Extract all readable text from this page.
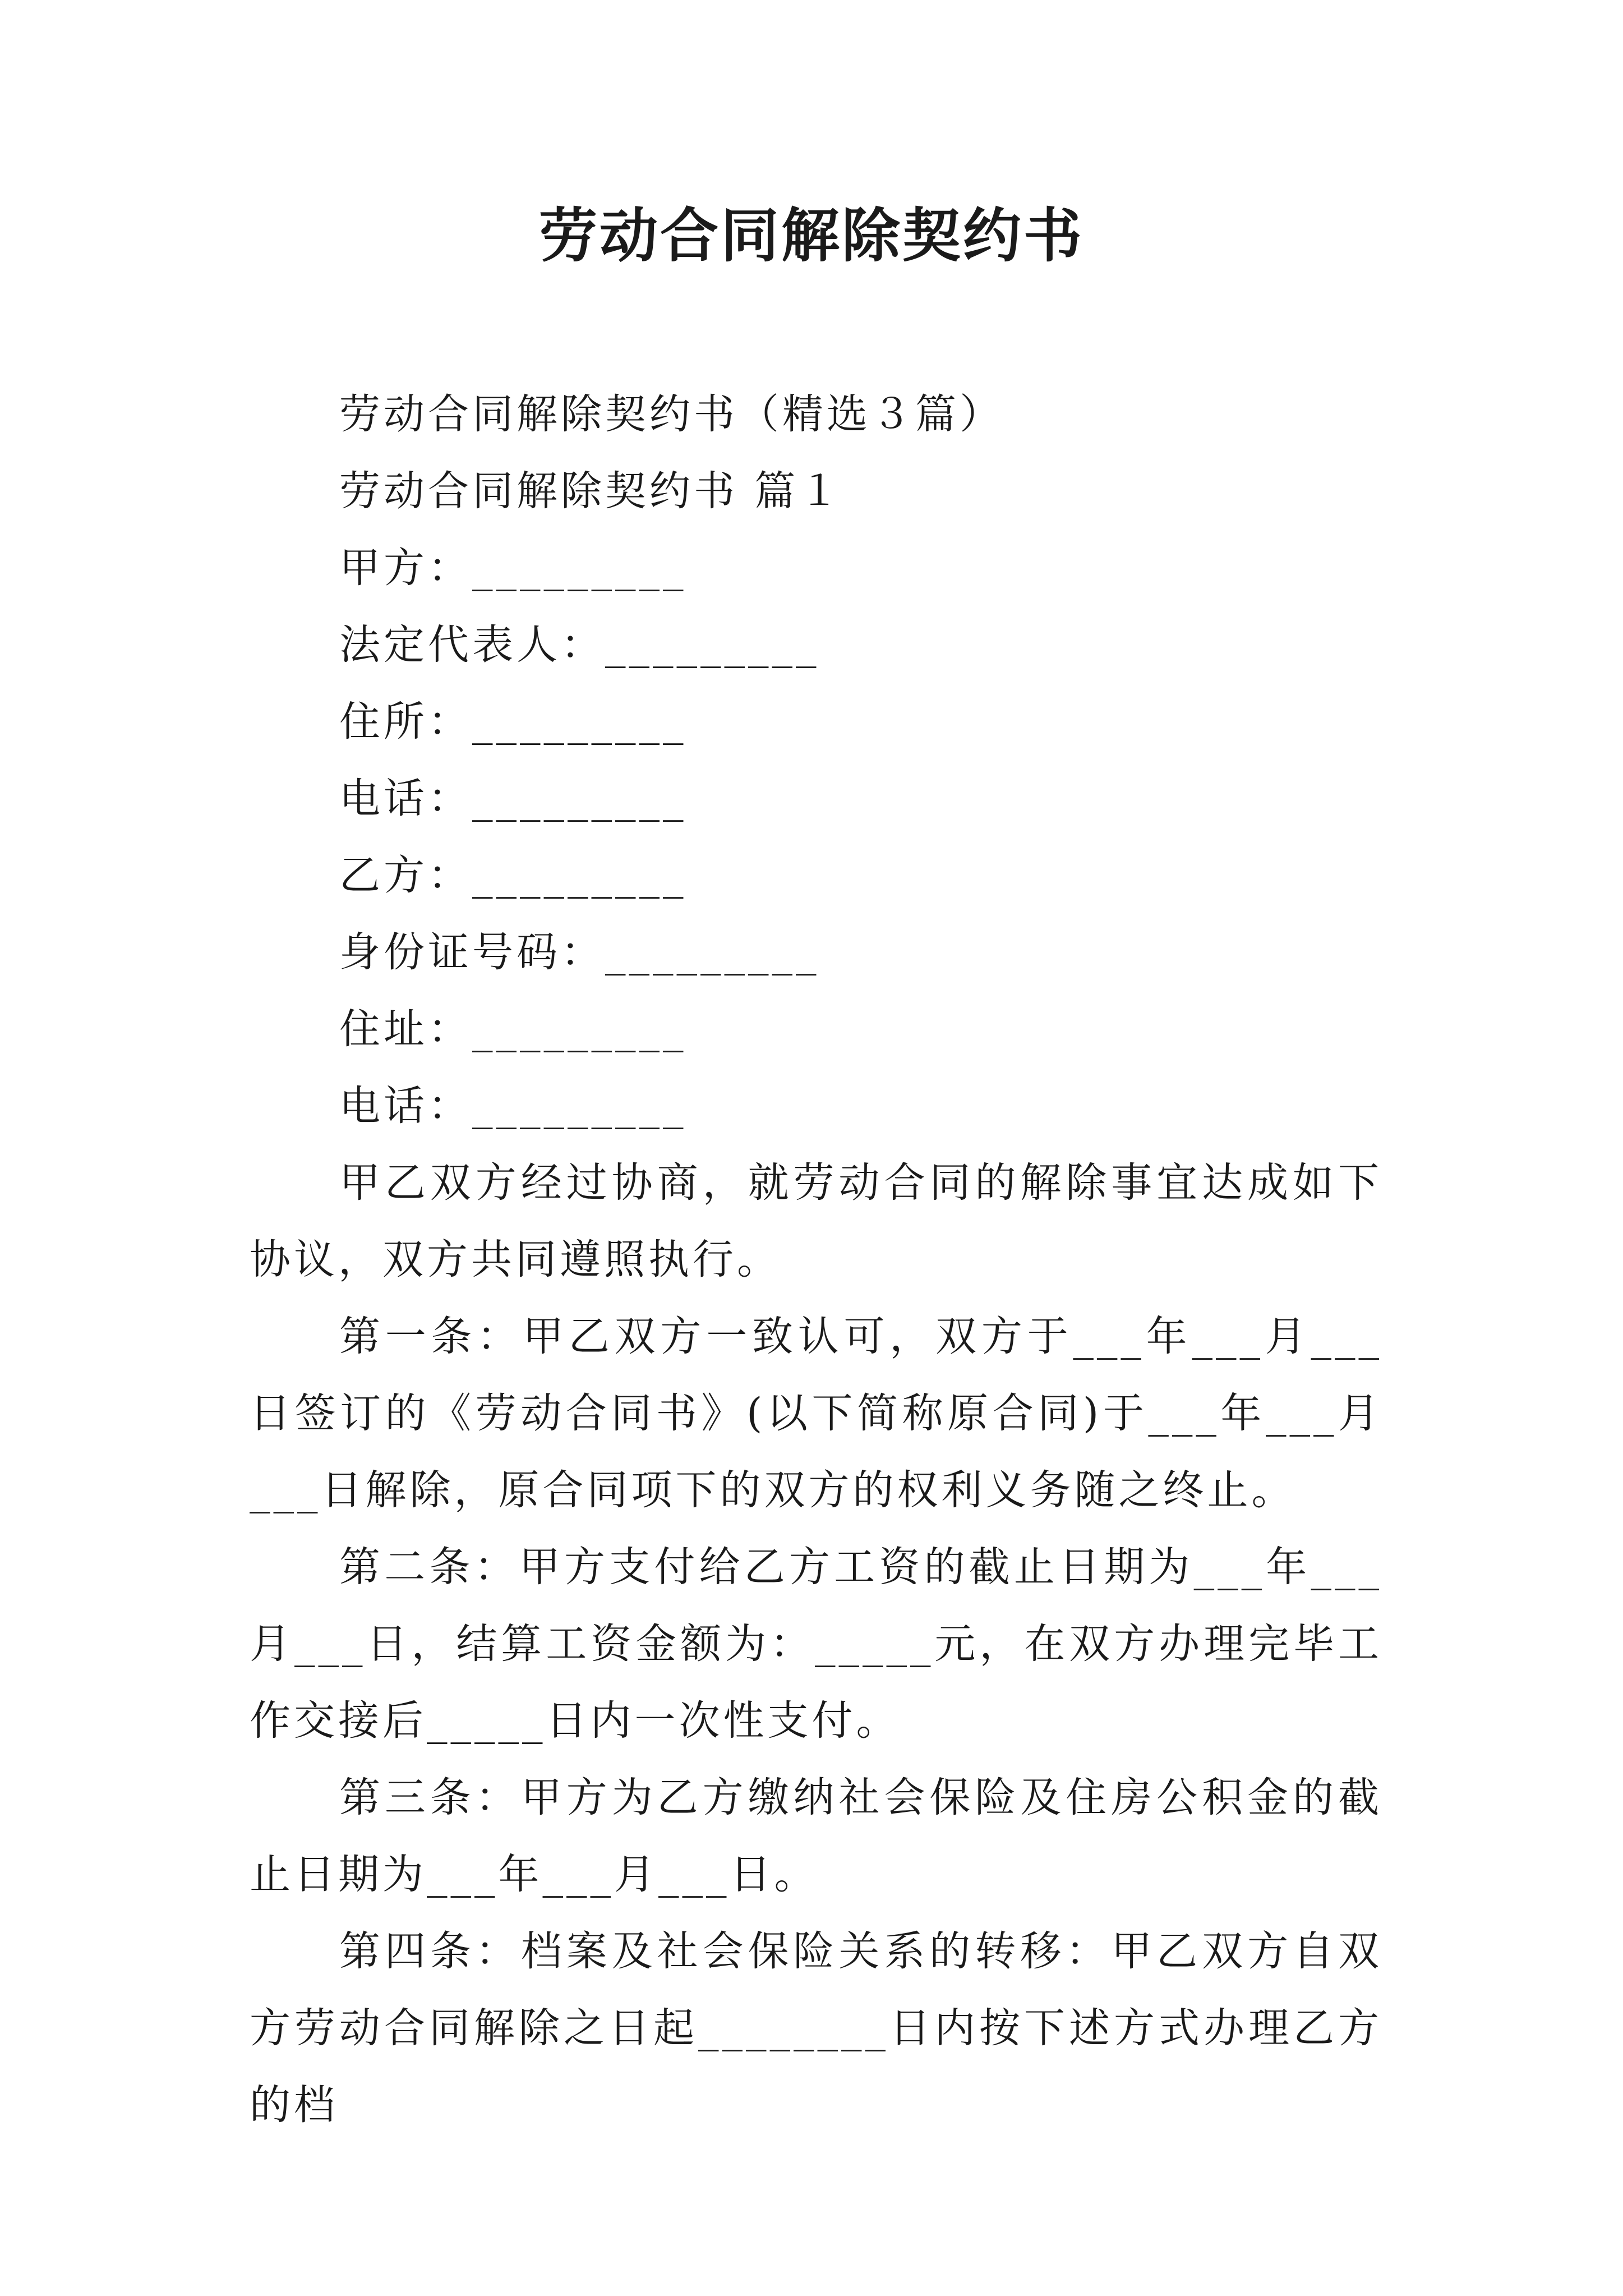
劳动合同解除契约书
劳动合同解除契约书（精选３篇）
劳动合同解除契约书 篇１
甲方：_________
法定代表人：_________
住所：_________
电话：_________
乙方：_________
身份证号码：_________
住址：_________
电话：_________

甲乙双方经过协商，就劳动合同的解除事宜达成如下协议，双方共同遵照执行。

第一条：甲乙双方一致认可，双方于___年___月___日签订的《劳动合同书》(以下简称原合同)于___年___月___日解除，原合同项下的双方的权利义务随之终止。

第二条：甲方支付给乙方工资的截止日期为___年___月___日，结算工资金额为：_____元，在双方办理完毕工作交接后_____日内一次性支付。

第三条：甲方为乙方缴纳社会保险及住房公积金的截止日期为___年___月___日。

第四条：档案及社会保险关系的转移：甲乙双方自双方劳动合同解除之日起________日内按下述方式办理乙方的档
